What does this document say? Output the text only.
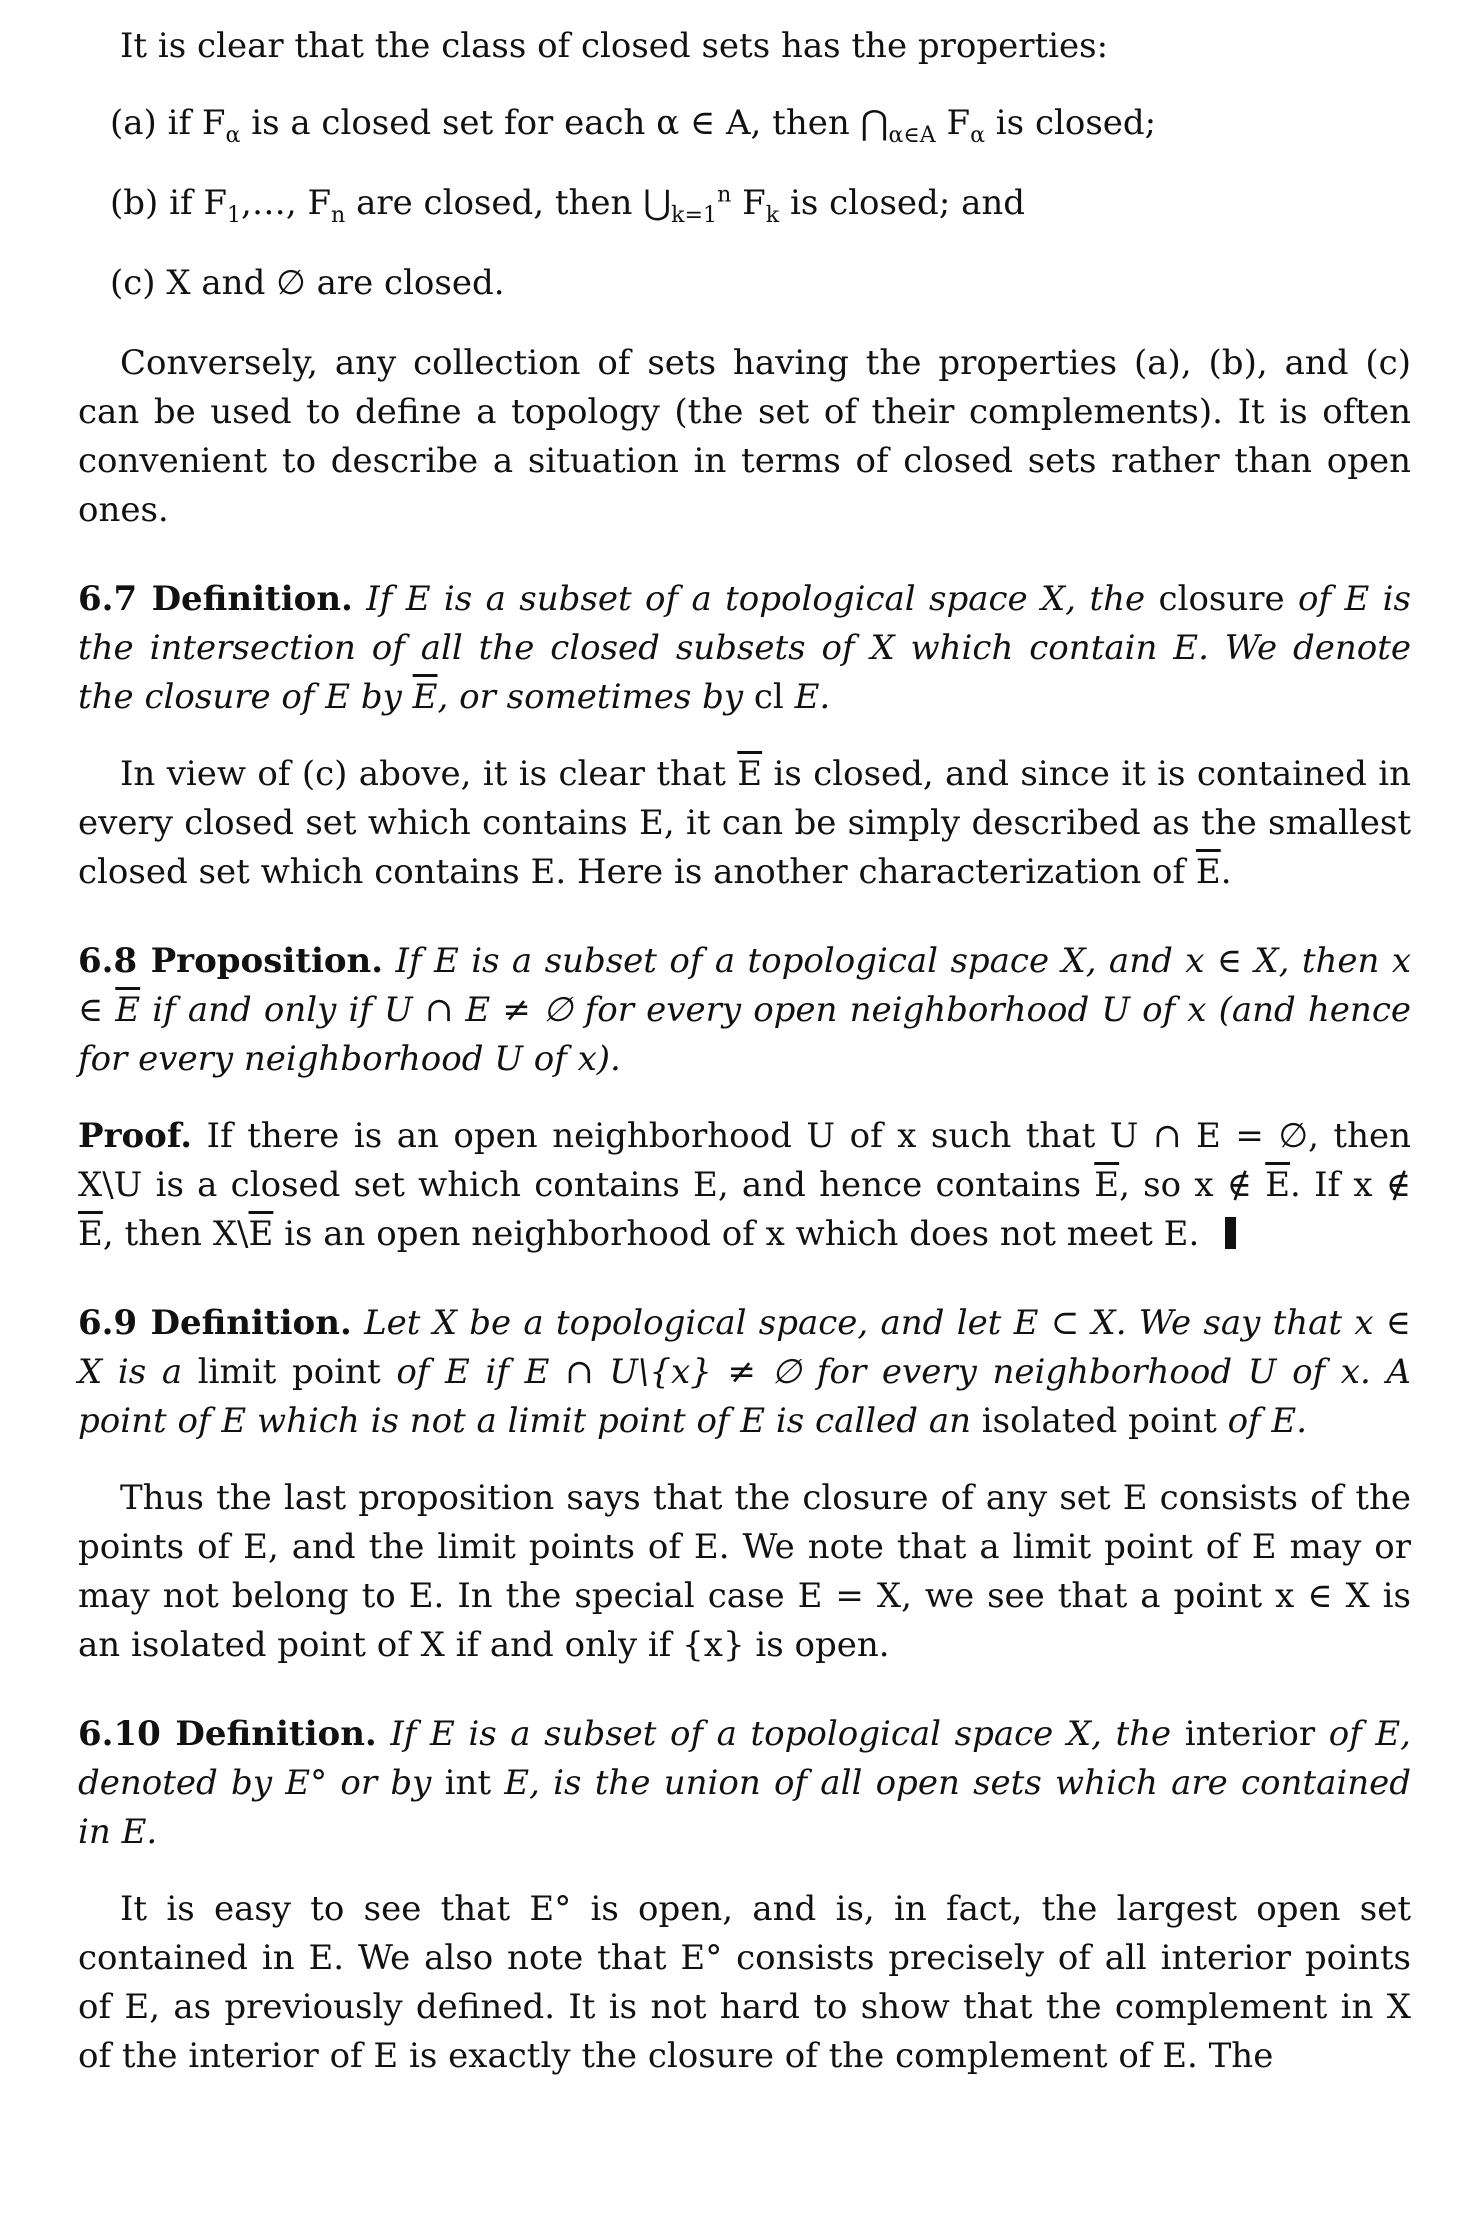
It is clear that the class of closed sets has the properties:

(a) if $F_\alpha$ is a closed set for each α ∈ A, then $⋂_{\alpha\in A}$ $F_\alpha$ is closed;

(b) if $F_1,\dots$, $F_n$ are closed, then $⋃_{k=1}^n$ $F_k$ is closed; and

(c) X and ∅ are closed.

Conversely, any collection of sets having the properties (a), (b), and (c) can be used to define a topology (the set of their complements). It is often convenient to describe a situation in terms of closed sets rather than open ones.

6.7 Definition. If E is a subset of a topological space X, the closure of E is the intersection of all the closed subsets of X which contain E. We denote the closure of E by $\overline{E}$, or sometimes by cl E.

In view of (c) above, it is clear that $\overline{E}$ is closed, and since it is contained in every closed set which contains E, it can be simply described as the smallest closed set which contains E. Here is another characterization of $\overline{E}$.

6.8 Proposition. If E is a subset of a topological space X, and x ∈ X, then x ∈ $\overline{E}$ if and only if U ∩ E ≠ ∅ for every open neighborhood U of x (and hence for every neighborhood U of x).

Proof. If there is an open neighborhood U of x such that U ∩ E = ∅, then X\U is a closed set which contains E, and hence contains $\overline{E}$, so x ∉ $\overline{E}$. If x ∉ $\overline{E}$, then $X\backslash\overline{E}$ is an open neighborhood of x which does not meet E.

6.9 Definition. Let X be a topological space, and let E ⊂ X. We say that x ∈ X is a limit point of E if E ∩ U\{x} ≠ ∅ for every neighborhood U of x. A point of E which is not a limit point of E is called an isolated point of E.

Thus the last proposition says that the closure of any set E consists of the points of E, and the limit points of E. We note that a limit point of E may or may not belong to E. In the special case E = X, we see that a point x ∈ X is an isolated point of X if and only if {x} is open.

6.10 Definition. If E is a subset of a topological space X, the interior of E, denoted by E° or by int E, is the union of all open sets which are contained in E.

It is easy to see that E° is open, and is, in fact, the largest open set contained in E. We also note that E° consists precisely of all interior points of E, as previously defined. It is not hard to show that the complement in X of the interior of E is exactly the closure of the complement of E. The
